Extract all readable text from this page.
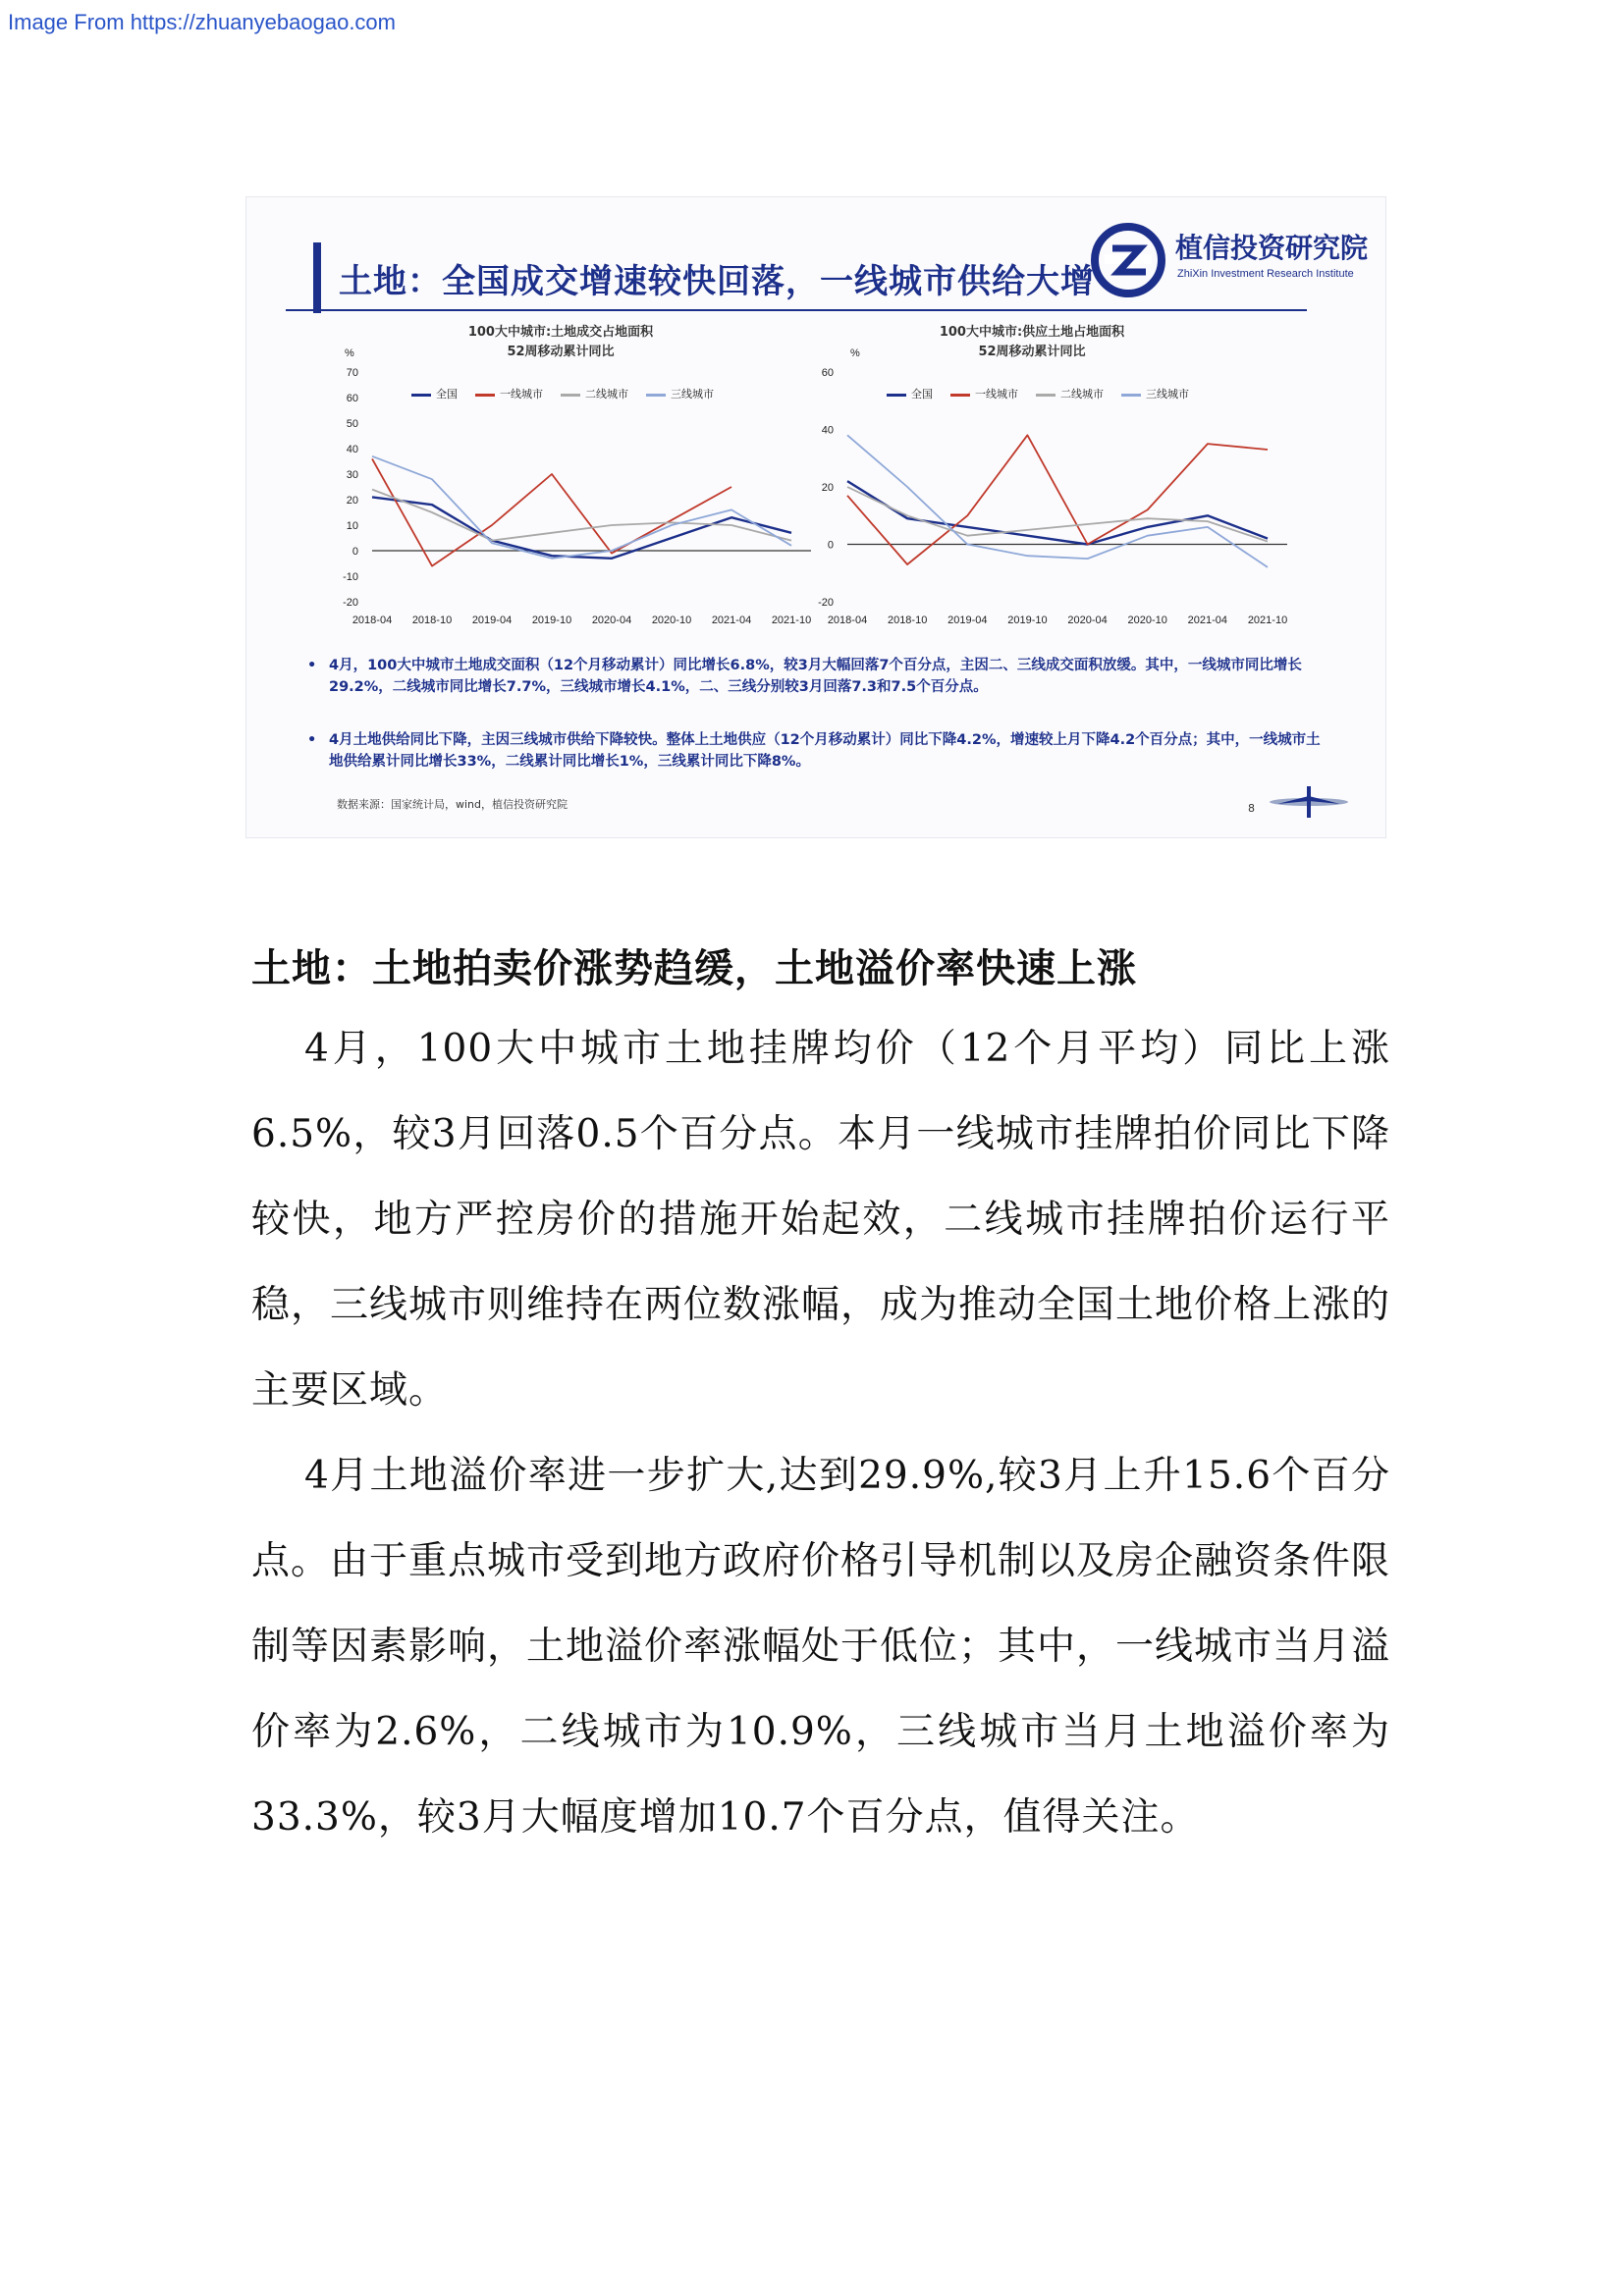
Image From https://zhuanyebaogao.com
土地：全国成交增速较快回落，一线城市供给大增
植信投资研究院
ZhiXin Investment Research Institute
100大中城市:土地成交占地面积
52周移动累计同比
%
全国	一线城市	二线城市	三线城市
70
60
50
40
30
20
10
0
-10
-20
2018-04 2018-10 2019-04 2019-10 2020-04 2020-10 2021-04 2021-10
60
40
20
0
-20
2018-04 2018-10 2019-04 2019-10 2020-04 2020-10 2021-04 2021-10
100大中城市:供应土地占地面积
52周移动累计同比
%
全国	一线城市	二线城市	三线城市
• 4月，100大中城市土地成交面积（12个月移动累计）同比增长6.8%，较3月大幅回落7个百分点，主因二、三线成交面积放缓。其中，一线城市同比增长29.2%，二线城市同比增长7.7%，三线城市增长4.1%，二、三线分别较3月回落7.3和7.5个百分点。
• 4月土地供给同比下降，主因三线城市供给下降较快。整体上土地供应（12个月移动累计）同比下降4.2%，增速较上月下降4.2个百分点；其中，一线城市土地供给累计同比增长33%，二线累计同比增长1%，三线累计同比下降8%。
数据来源：国家统计局，wind，植信投资研究院	8
土地：土地拍卖价涨势趋缓，土地溢价率快速上涨

4月，100大中城市土地挂牌均价（12个月平均）同比上涨6.5%，较3月回落0.5个百分点。本月一线城市挂牌拍价同比下降较快，地方严控房价的措施开始起效，二线城市挂牌拍价运行平稳，三线城市则维持在两位数涨幅，成为推动全国土地价格上涨的主要区域。

4月土地溢价率进一步扩大,达到29.9%,较3月上升15.6个百分点。由于重点城市受到地方政府价格引导机制以及房企融资条件限制等因素影响，土地溢价率涨幅处于低位；其中，一线城市当月溢价率为2.6%，二线城市为10.9%，三线城市当月土地溢价率为33.3%，较3月大幅度增加10.7个百分点，值得关注。
